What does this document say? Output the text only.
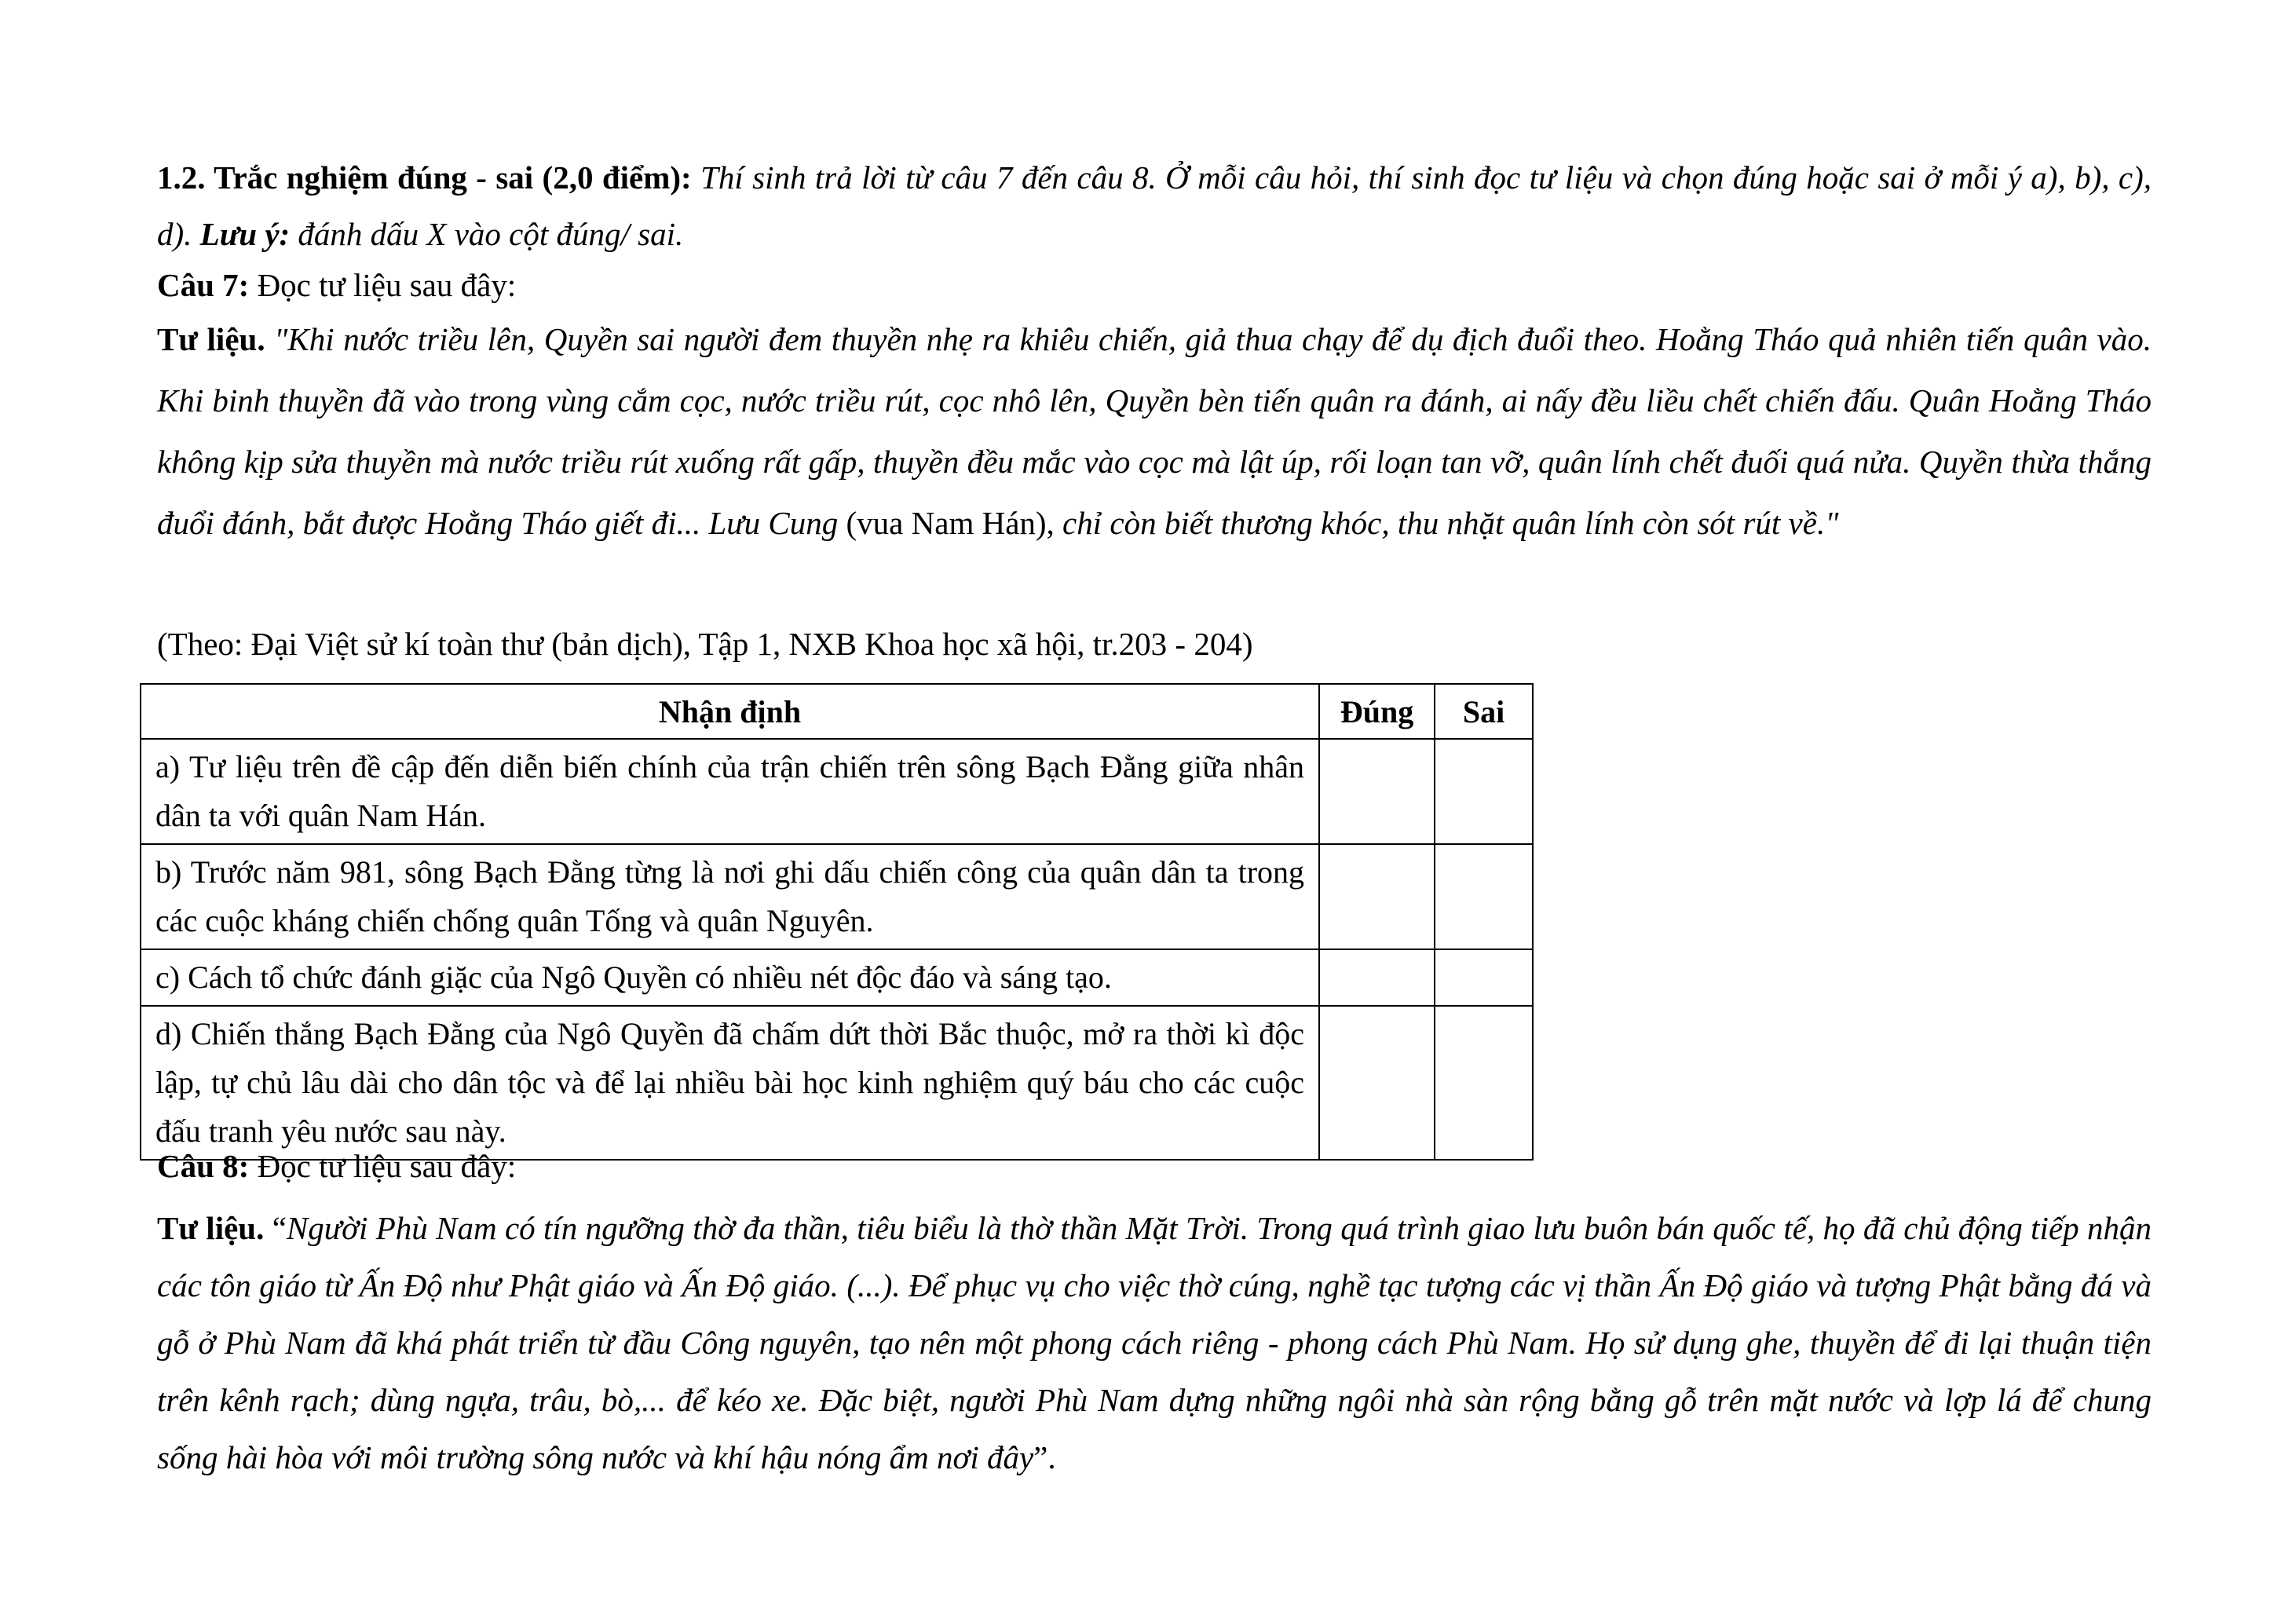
1.2. Trắc nghiệm đúng - sai (2,0 điểm): Thí sinh trả lời từ câu 7 đến câu 8. Ở mỗi câu hỏi, thí sinh đọc tư liệu và chọn đúng hoặc sai ở mỗi ý a), b), c), d). Lưu ý: đánh dấu X vào cột đúng/ sai.

Câu 7: Đọc tư liệu sau đây:

Tư liệu. "Khi nước triều lên, Quyền sai người đem thuyền nhẹ ra khiêu chiến, giả thua chạy để dụ địch đuổi theo. Hoằng Tháo quả nhiên tiến quân vào. Khi binh thuyền đã vào trong vùng cắm cọc, nước triều rút, cọc nhô lên, Quyền bèn tiến quân ra đánh, ai nấy đều liều chết chiến đấu. Quân Hoằng Tháo không kịp sửa thuyền mà nước triều rút xuống rất gấp, thuyền đều mắc vào cọc mà lật úp, rối loạn tan vỡ, quân lính chết đuối quá nửa. Quyền thừa thắng đuổi đánh, bắt được Hoằng Tháo giết đi... Lưu Cung (vua Nam Hán), chỉ còn biết thương khóc, thu nhặt quân lính còn sót rút về."

(Theo: Đại Việt sử kí toàn thư (bản dịch), Tập 1, NXB Khoa học xã hội, tr.203 - 204)

Nhận định	Đúng	Sai
a) Tư liệu trên đề cập đến diễn biến chính của trận chiến trên sông Bạch Đằng giữa nhân dân ta với quân Nam Hán.		
b) Trước năm 981, sông Bạch Đằng từng là nơi ghi dấu chiến công của quân dân ta trong các cuộc kháng chiến chống quân Tống và quân Nguyên.		
c) Cách tổ chức đánh giặc của Ngô Quyền có nhiều nét độc đáo và sáng tạo.		
d) Chiến thắng Bạch Đằng của Ngô Quyền đã chấm dứt thời Bắc thuộc, mở ra thời kì độc lập, tự chủ lâu dài cho dân tộc và để lại nhiều bài học kinh nghiệm quý báu cho các cuộc đấu tranh yêu nước sau này.		

Câu 8: Đọc tư liệu sau đây:

Tư liệu. “Người Phù Nam có tín ngưỡng thờ đa thần, tiêu biểu là thờ thần Mặt Trời. Trong quá trình giao lưu buôn bán quốc tế, họ đã chủ động tiếp nhận các tôn giáo từ Ấn Độ như Phật giáo và Ấn Độ giáo. (...). Để phục vụ cho việc thờ cúng, nghề tạc tượng các vị thần Ấn Độ giáo và tượng Phật bằng đá và gỗ ở Phù Nam đã khá phát triển từ đầu Công nguyên, tạo nên một phong cách riêng - phong cách Phù Nam. Họ sử dụng ghe, thuyền để đi lại thuận tiện trên kênh rạch; dùng ngựa, trâu, bò,... để kéo xe. Đặc biệt, người Phù Nam dựng những ngôi nhà sàn rộng bằng gỗ trên mặt nước và lợp lá để chung sống hài hòa với môi trường sông nước và khí hậu nóng ẩm nơi đây”.
